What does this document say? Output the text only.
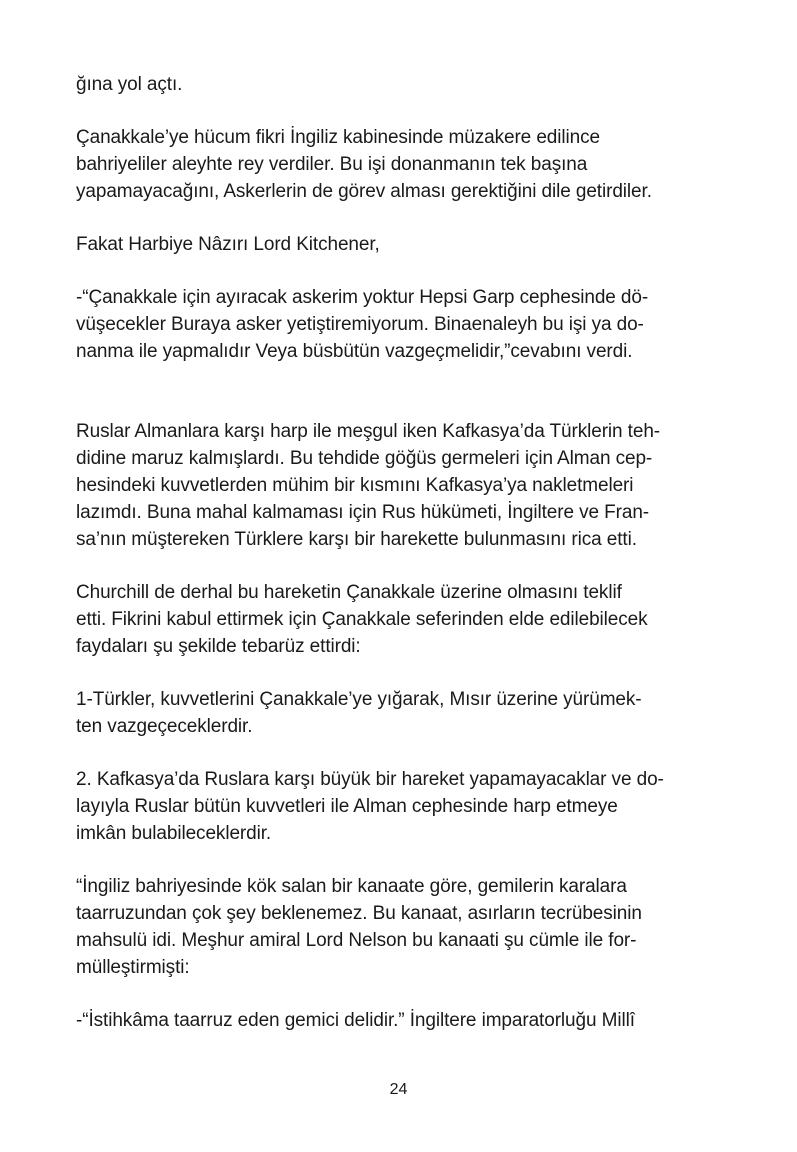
ğına yol açtı.

Çanakkale’ye hücum fikri İngiliz kabinesinde müzakere edilince
bahriyeliler aleyhte rey verdiler. Bu işi donanmanın tek başına
yapamayacağını, Askerlerin de görev alması gerektiğini dile getirdiler.

Fakat Harbiye Nâzırı Lord Kitchener,

-“Çanakkale için ayıracak askerim yoktur Hepsi Garp cephesinde dö-
vüşecekler Buraya asker yetiştiremiyorum. Binaenaleyh bu işi ya do-
nanma ile yapmalıdır Veya büsbütün vazgeçmelidir,”cevabını verdi.

Ruslar Almanlara karşı harp ile meşgul iken Kafkasya’da Türklerin teh-
didine maruz kalmışlardı. Bu tehdide göğüs germeleri için Alman cep-
hesindeki kuvvetlerden mühim bir kısmını Kafkasya’ya nakletmeleri
lazımdı. Buna mahal kalmaması için Rus hükümeti, İngiltere ve Fran-
sa’nın müştereken Türklere karşı bir harekette bulunmasını rica etti.

Churchill de derhal bu hareketin Çanakkale üzerine olmasını teklif
etti. Fikrini kabul ettirmek için Çanakkale seferinden elde edilebilecek
faydaları şu şekilde tebarüz ettirdi:

1-Türkler, kuvvetlerini Çanakkale’ye yığarak, Mısır üzerine yürümek-
ten vazgeçeceklerdir.

2. Kafkasya’da Ruslara karşı büyük bir hareket yapamayacaklar ve do-
layıyla Ruslar bütün kuvvetleri ile Alman cephesinde harp etmeye
imkân bulabileceklerdir.

“İngiliz bahriyesinde kök salan bir kanaate göre, gemilerin karalara
taarruzundan çok şey beklenemez. Bu kanaat, asırların tecrübesinin
mahsulü idi. Meşhur amiral Lord Nelson bu kanaati şu cümle ile for-
mülleştirmişti:

-“İstihkâma taarruz eden gemici delidir.” İngiltere imparatorluğu Millî

24
